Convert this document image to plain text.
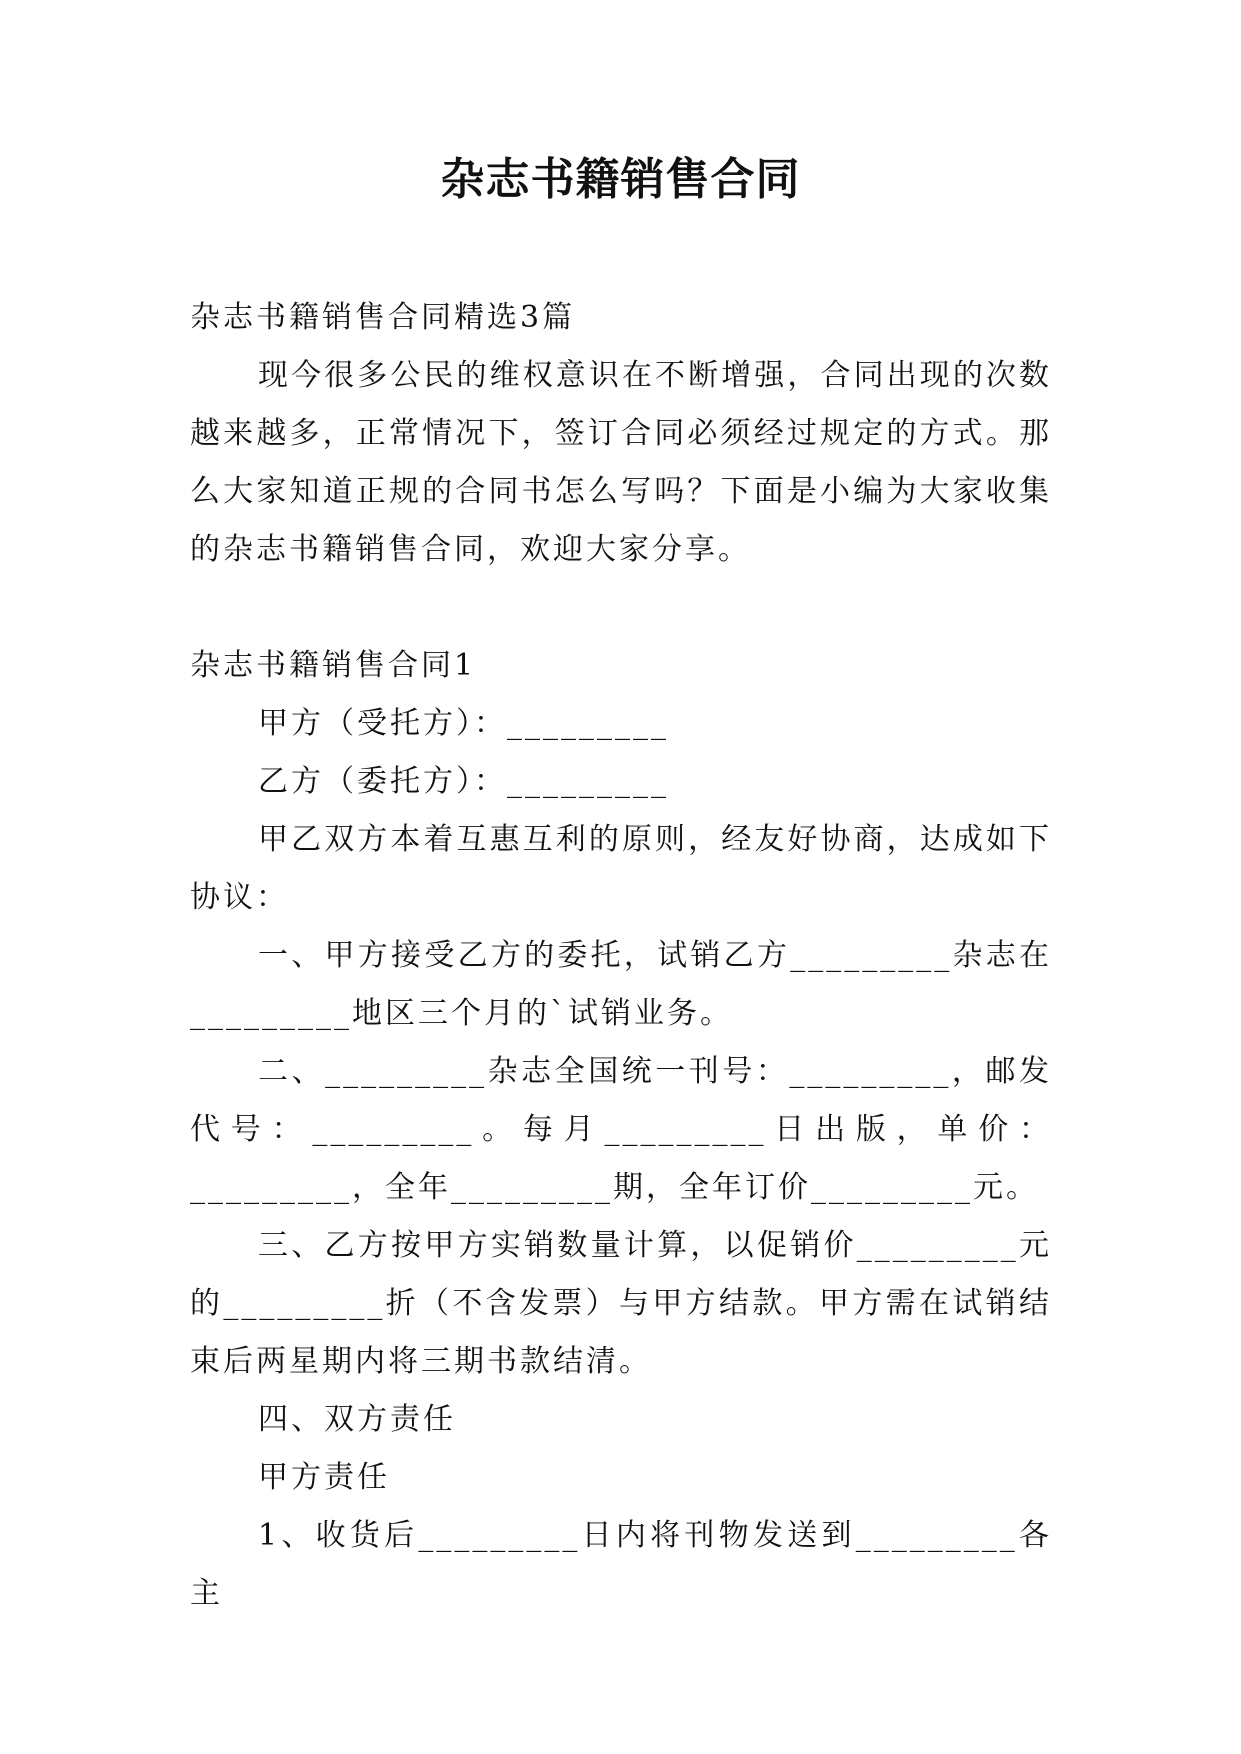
杂志书籍销售合同

杂志书籍销售合同精选3篇

现今很多公民的维权意识在不断增强，合同出现的次数越来越多，正常情况下，签订合同必须经过规定的方式。那么大家知道正规的合同书怎么写吗？下面是小编为大家收集的杂志书籍销售合同，欢迎大家分享。

杂志书籍销售合同1

甲方（受托方）：_________

乙方（委托方）：_________

甲乙双方本着互惠互利的原则，经友好协商，达成如下协议：

一、甲方接受乙方的委托，试销乙方_________杂志在_________地区三个月的`试销业务。

二、_________杂志全国统一刊号：_________，邮发代号：_________。每月_________日出版，单价：_________，全年_________期，全年订价_________元。

三、乙方按甲方实销数量计算，以促销价_________元的_________折（不含发票）与甲方结款。甲方需在试销结束后两星期内将三期书款结清。

四、双方责任

甲方责任

1、收货后_________日内将刊物发送到_________各主
